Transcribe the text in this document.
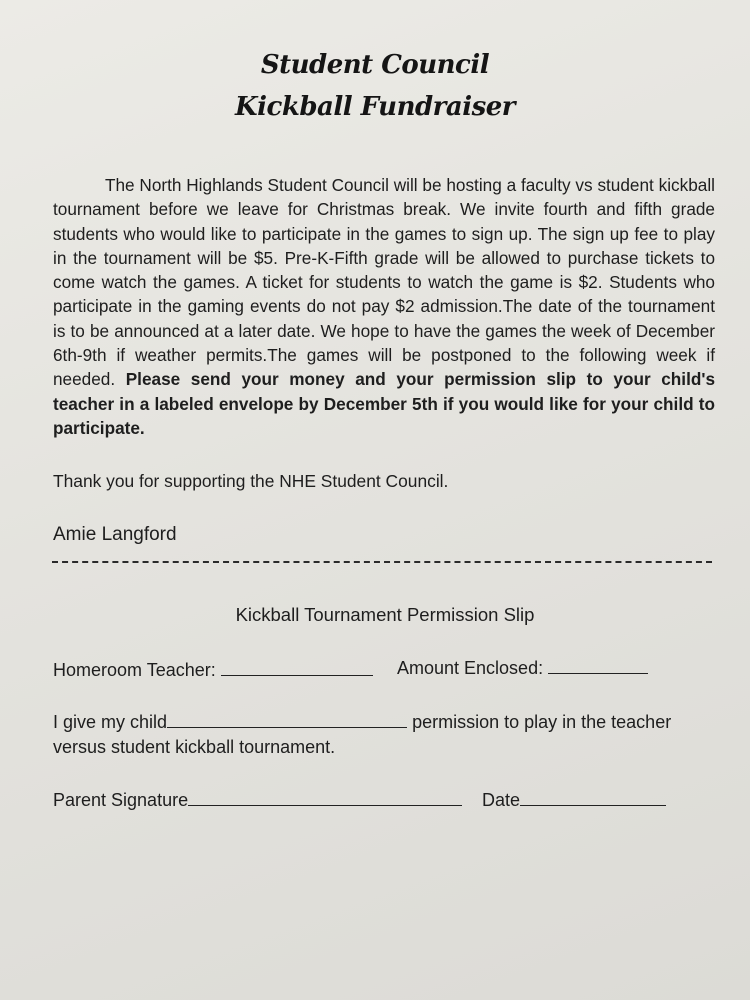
Student Council
Kickball Fundraiser
The North Highlands Student Council will be hosting a faculty vs student kickball tournament before we leave for Christmas break. We invite fourth and fifth grade students who would like to participate in the games to sign up. The sign up fee to play in the tournament will be $5. Pre-K-Fifth grade will be allowed to purchase tickets to come watch the games. A ticket for students to watch the game is $2. Students who participate in the gaming events do not pay $2 admission.The date of the tournament is to be announced at a later date. We hope to have the games the week of December 6th-9th if weather permits.The games will be postponed to the following week if needed. Please send your money and your permission slip to your child's teacher in a labeled envelope by December 5th if you would like for your child to participate.
Thank you for supporting the NHE Student Council.
Amie Langford
Kickball Tournament Permission Slip
Homeroom Teacher:	Amount Enclosed:
I give my child	permission to play in the teacher
versus student kickball tournament.
Parent Signature	Date
